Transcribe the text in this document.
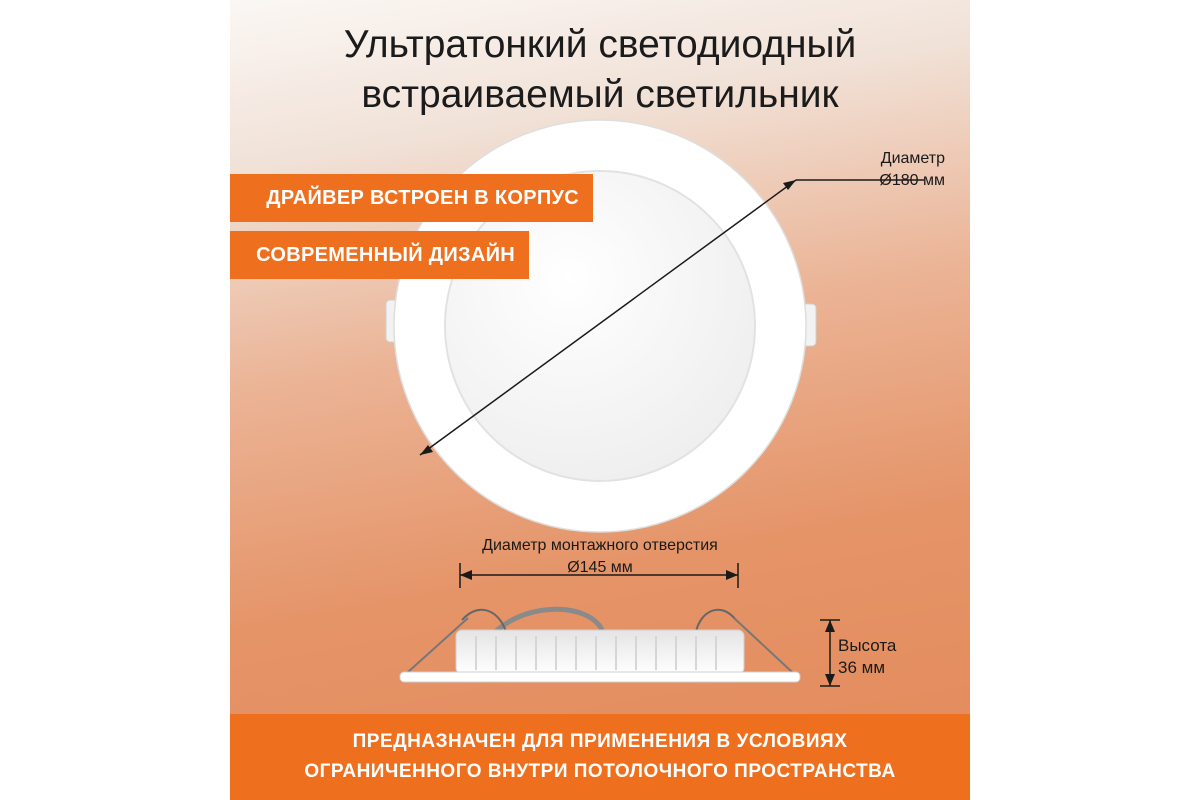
Ультратонкий светодиодный
встраиваемый светильник
ДРАЙВЕР ВСТРОЕН В КОРПУС
СОВРЕМЕННЫЙ ДИЗАЙН
Диаметр
Ø180 мм
Диаметр монтажного отверстия
Ø145 мм
Высота
36 мм
ПРЕДНАЗНАЧЕН ДЛЯ ПРИМЕНЕНИЯ В УСЛОВИЯХ
ОГРАНИЧЕННОГО ВНУТРИ ПОТОЛОЧНОГО ПРОСТРАНСТВА
